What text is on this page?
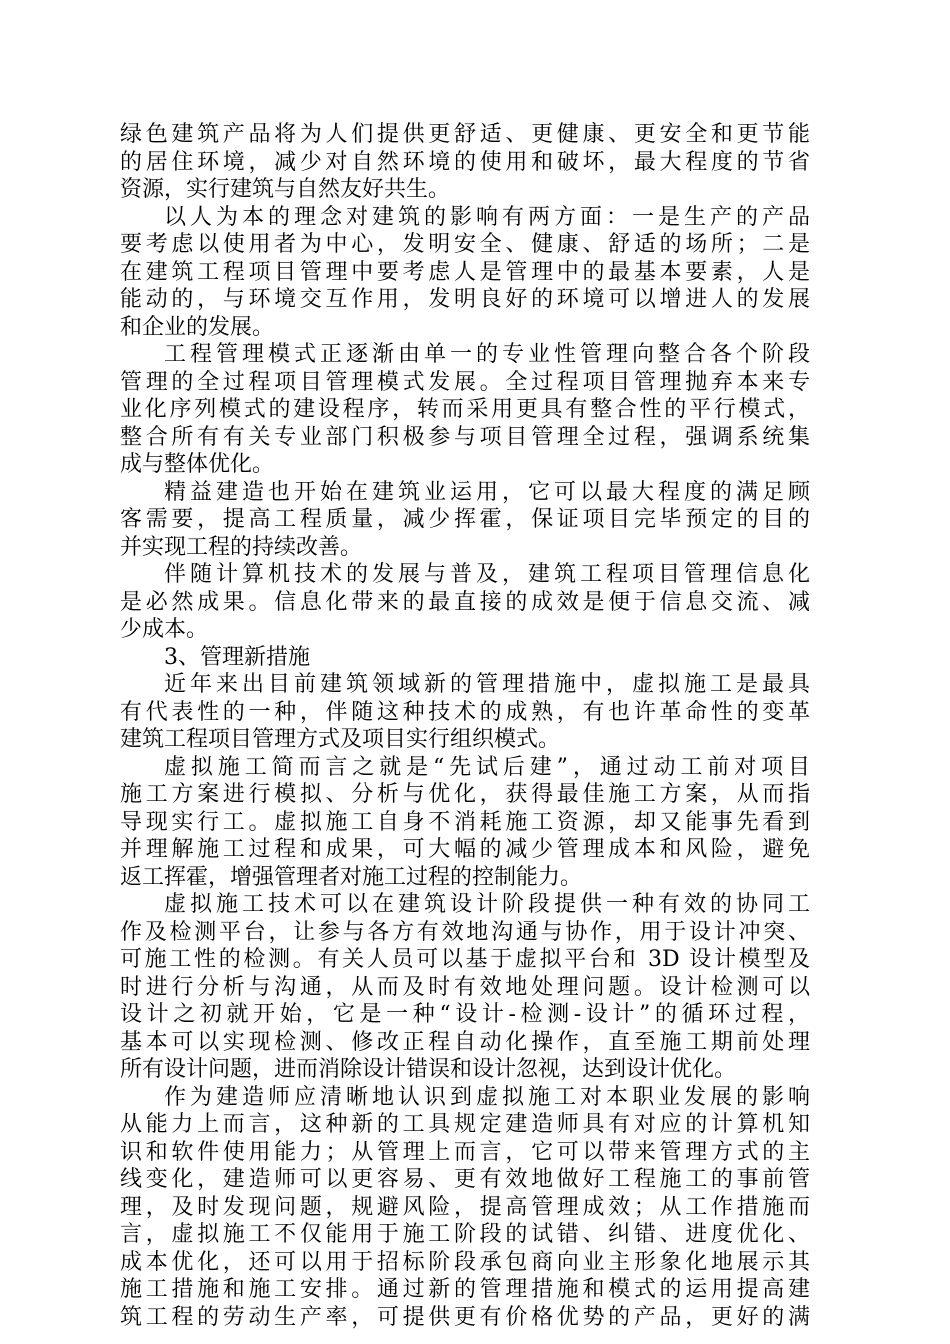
绿色建筑产品将为人们提供更舒适、更健康、更安全和更节能
的居住环境，减少对自然环境的使用和破坏，最大程度的节省
资源，实行建筑与自然友好共生。
以人为本的理念对建筑的影响有两方面：一是生产的产品
要考虑以使用者为中心，发明安全、健康、舒适的场所；二是
在建筑工程项目管理中要考虑人是管理中的最基本要素，人是
能动的，与环境交互作用，发明良好的环境可以增进人的发展
和企业的发展。
工程管理模式正逐渐由单一的专业性管理向整合各个阶段
管理的全过程项目管理模式发展。全过程项目管理抛弃本来专
业化序列模式的建设程序，转而采用更具有整合性的平行模式，
整合所有有关专业部门积极参与项目管理全过程，强调系统集
成与整体优化。
精益建造也开始在建筑业运用，它可以最大程度的满足顾
客需要，提高工程质量，减少挥霍，保证项目完毕预定的目的
并实现工程的持续改善。
伴随计算机技术的发展与普及，建筑工程项目管理信息化
是必然成果。信息化带来的最直接的成效是便于信息交流、减
少成本。
3、管理新措施
近年来出目前建筑领域新的管理措施中，虚拟施工是最具
有代表性的一种，伴随这种技术的成熟，有也许革命性的变革
建筑工程项目管理方式及项目实行组织模式。
虚拟施工简而言之就是“先试后建”，通过动工前对项目
施工方案进行模拟、分析与优化，获得最佳施工方案，从而指
导现实行工。虚拟施工自身不消耗施工资源，却又能事先看到
并理解施工过程和成果，可大幅的减少管理成本和风险，避免
返工挥霍，增强管理者对施工过程的控制能力。
虚拟施工技术可以在建筑设计阶段提供一种有效的协同工
作及检测平台，让参与各方有效地沟通与协作，用于设计冲突、
可施工性的检测。有关人员可以基于虚拟平台和 3D 设计模型及
时进行分析与沟通，从而及时有效地处理问题。设计检测可以
设计之初就开始，它是一种“设计-检测-设计”的循环过程，
基本可以实现检测、修改正程自动化操作，直至施工期前处理
所有设计问题，进而消除设计错误和设计忽视，达到设计优化。
作为建造师应清晰地认识到虚拟施工对本职业发展的影响
从能力上而言，这种新的工具规定建造师具有对应的计算机知
识和软件使用能力；从管理上而言，它可以带来管理方式的主
线变化，建造师可以更容易、更有效地做好工程施工的事前管
理，及时发现问题，规避风险，提高管理成效；从工作措施而
言，虚拟施工不仅能用于施工阶段的试错、纠错、进度优化、
成本优化，还可以用于招标阶段承包商向业主形象化地展示其
施工措施和施工安排。通过新的管理措施和模式的运用提高建
筑工程的劳动生产率，可提供更有价格优势的产品，更好的满
